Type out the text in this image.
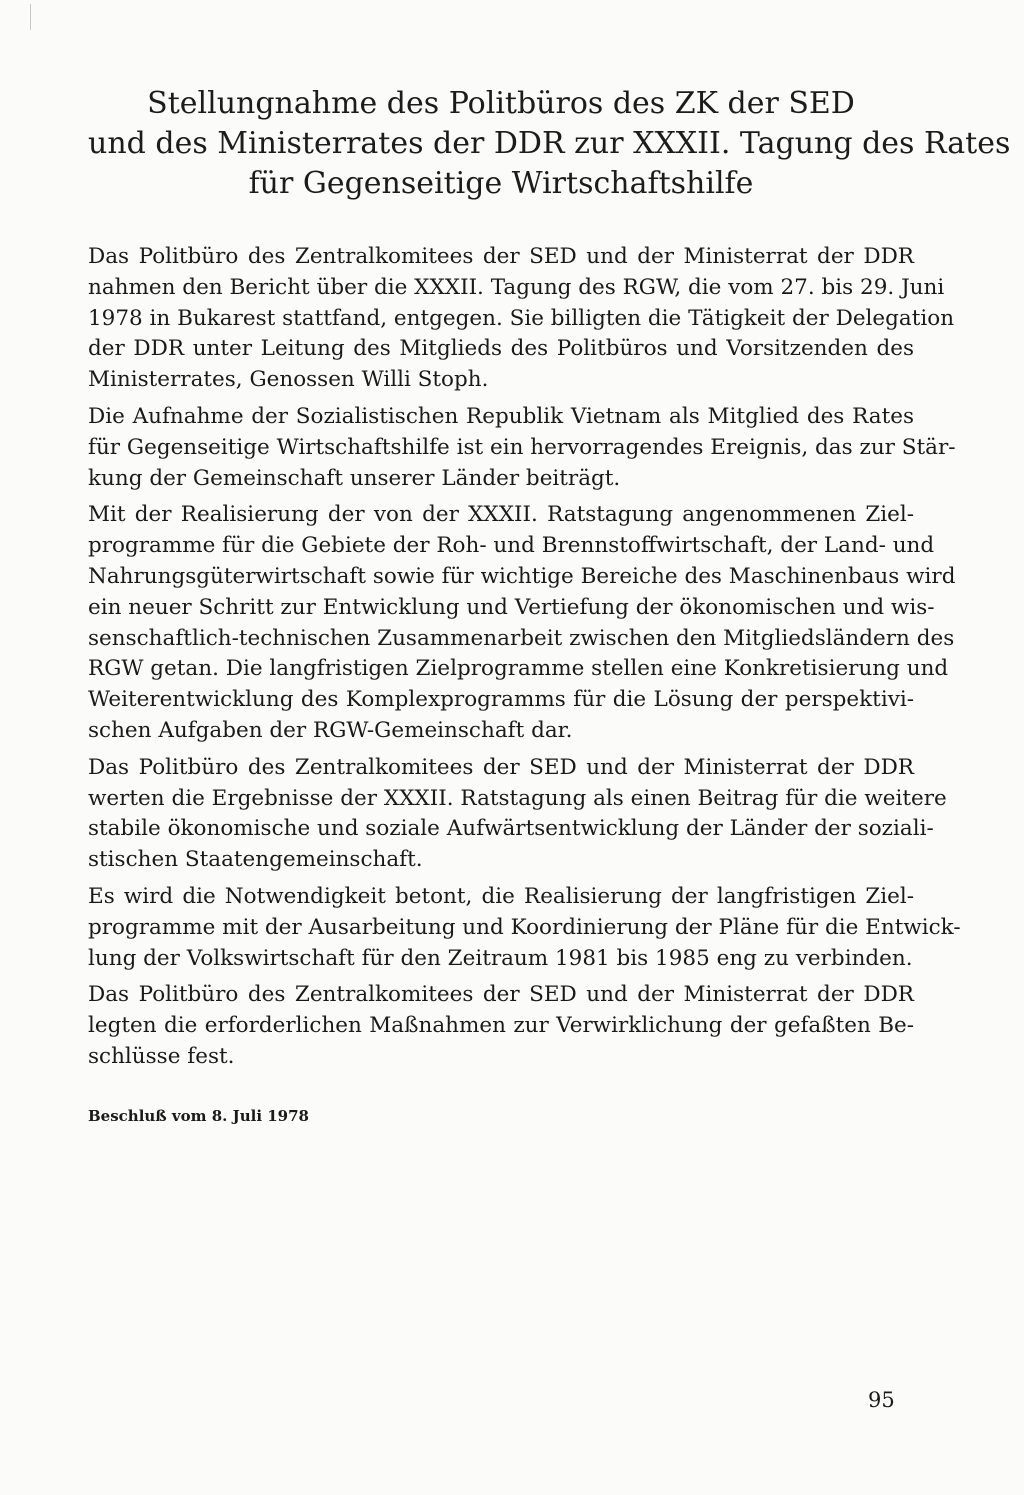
Stellungnahme des Politbüros des ZK der SED
und des Ministerrates der DDR zur XXXII. Tagung des Rates
für Gegenseitige Wirtschaftshilfe

Das Politbüro des Zentralkomitees der SED und der Ministerrat der DDR
nahmen den Bericht über die XXXII. Tagung des RGW, die vom 27. bis 29. Juni
1978 in Bukarest stattfand, entgegen. Sie billigten die Tätigkeit der Delegation
der DDR unter Leitung des Mitglieds des Politbüros und Vorsitzenden des
Ministerrates, Genossen Willi Stoph.

Die Aufnahme der Sozialistischen Republik Vietnam als Mitglied des Rates
für Gegenseitige Wirtschaftshilfe ist ein hervorragendes Ereignis, das zur Stär-
kung der Gemeinschaft unserer Länder beiträgt.

Mit der Realisierung der von der XXXII. Ratstagung angenommenen Ziel-
programme für die Gebiete der Roh- und Brennstoffwirtschaft, der Land- und
Nahrungsgüterwirtschaft sowie für wichtige Bereiche des Maschinenbaus wird
ein neuer Schritt zur Entwicklung und Vertiefung der ökonomischen und wis-
senschaftlich-technischen Zusammenarbeit zwischen den Mitgliedsländern des
RGW getan. Die langfristigen Zielprogramme stellen eine Konkretisierung und
Weiterentwicklung des Komplexprogramms für die Lösung der perspektivi-
schen Aufgaben der RGW-Gemeinschaft dar.

Das Politbüro des Zentralkomitees der SED und der Ministerrat der DDR
werten die Ergebnisse der XXXII. Ratstagung als einen Beitrag für die weitere
stabile ökonomische und soziale Aufwärtsentwicklung der Länder der soziali-
stischen Staatengemeinschaft.

Es wird die Notwendigkeit betont, die Realisierung der langfristigen Ziel-
programme mit der Ausarbeitung und Koordinierung der Pläne für die Entwick-
lung der Volkswirtschaft für den Zeitraum 1981 bis 1985 eng zu verbinden.

Das Politbüro des Zentralkomitees der SED und der Ministerrat der DDR
legten die erforderlichen Maßnahmen zur Verwirklichung der gefaßten Be-
schlüsse fest.

Beschluß vom 8. Juli 1978
95
